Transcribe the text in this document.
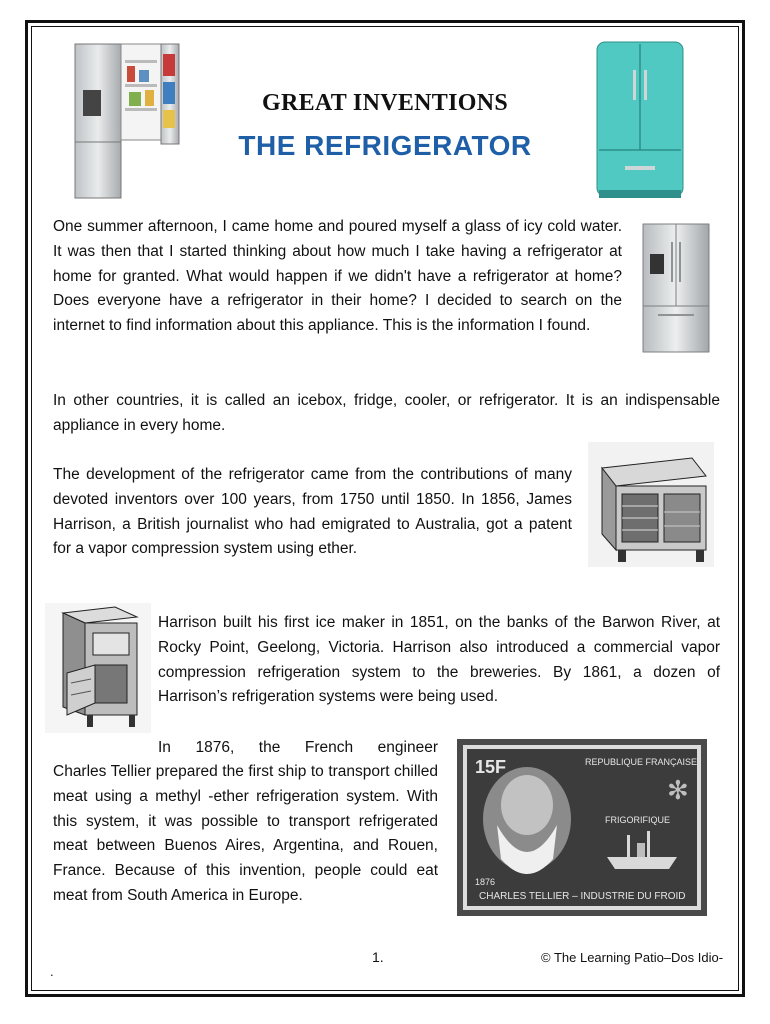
GREAT INVENTIONS
THE REFRIGERATOR
One summer afternoon, I came home and poured myself a glass of icy cold water. It was then that I started thinking about how much I take having a refrigerator at home for granted. What would happen if we didn't have a refrigerator at home? Does everyone have a refrigerator in their home? I decided to search on the internet to find information about this appliance. This is the information I found.
In other countries, it is called an icebox, fridge, cooler, or refrigerator. It is an indispensable appliance in every home.
The development of the refrigerator came from the contributions of many devoted inventors over 100 years, from 1750 until 1850. In 1856, James Harrison, a British journalist who had emigrated to Australia, got a patent for a vapor compression system using ether.
Harrison built his first ice maker in 1851, on the banks of the Barwon River, at Rocky Point, Geelong, Victoria. Harrison also introduced a commercial vapor compression refrigeration system to the breweries. By 1861, a dozen of Harrison’s refrigeration systems were being used.
In 1876, the French engineer
Charles Tellier prepared the first ship to transport chilled meat using a methyl -ether refrigeration system. With this system, it was possible to transport refrigerated meat between Buenos Aires, Argentina, and Rouen, France. Because of this invention, people could eat meat from South America in Europe.
✻
15F	REPUBLIQUE FRANÇAISE
FRIGORIFIQUE
1876
CHARLES TELLIER – INDUSTRIE DU FROID
1.	© The Learning Patio–Dos Idio-
.
